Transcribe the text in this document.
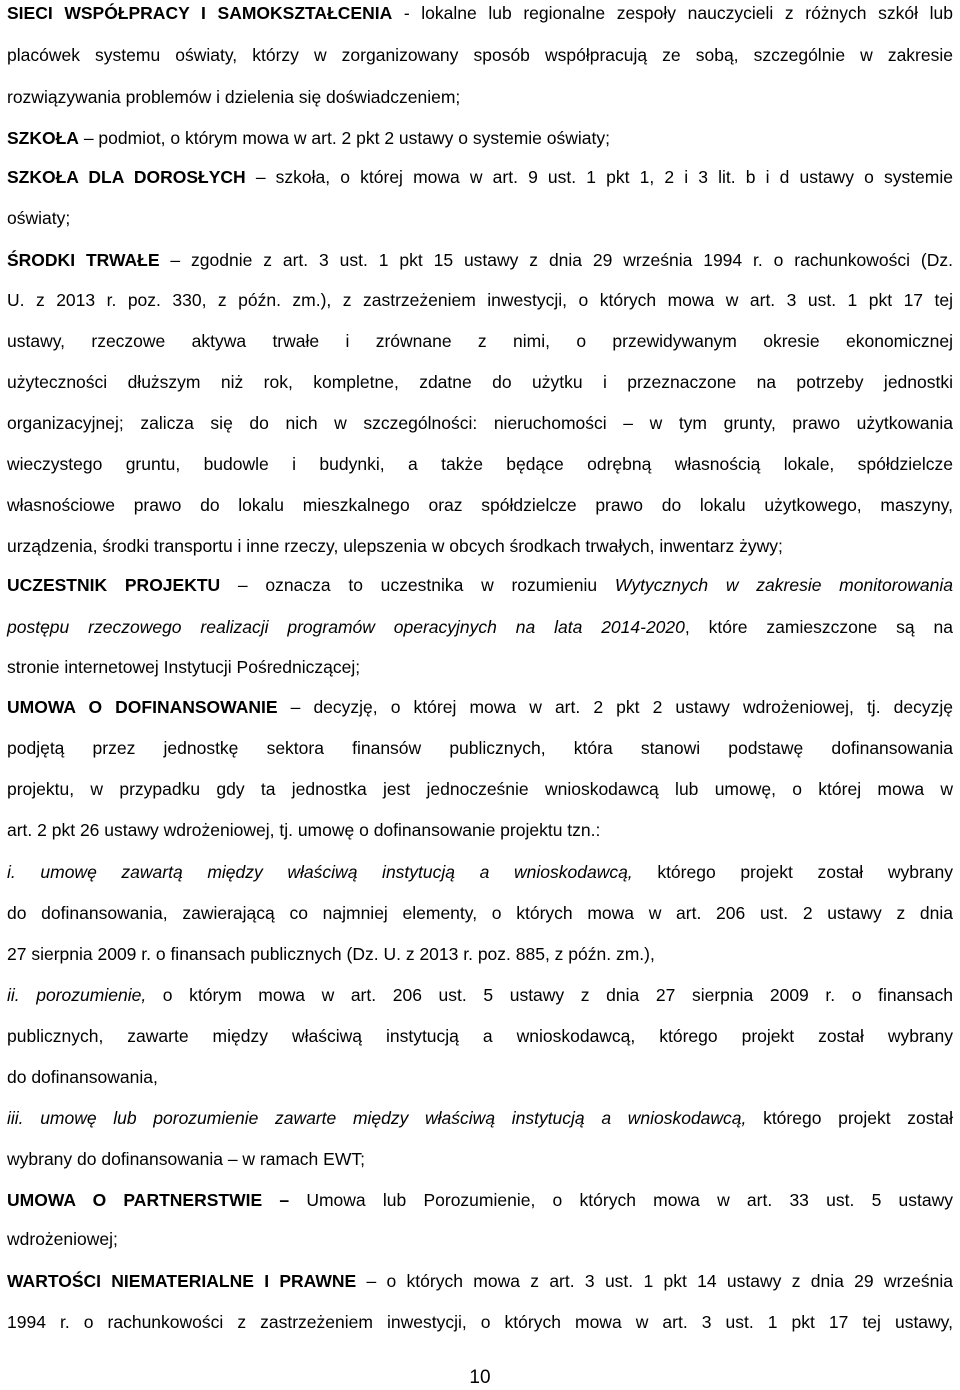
SIECI WSPÓŁPRACY I SAMOKSZTAŁCENIA - lokalne lub regionalne zespoły nauczycieli z różnych szkół lub
placówek systemu oświaty, którzy w zorganizowany sposób współpracują ze sobą, szczególnie w zakresie
rozwiązywania problemów i dzielenia się doświadczeniem;
SZKOŁA – podmiot, o którym mowa w art. 2 pkt 2 ustawy o systemie oświaty;
SZKOŁA DLA DOROSŁYCH – szkoła, o której mowa w art. 9 ust. 1 pkt 1, 2 i 3 lit. b i d ustawy o systemie
oświaty;
ŚRODKI TRWAŁE – zgodnie z art. 3 ust. 1 pkt 15 ustawy z dnia 29 września 1994 r. o rachunkowości (Dz.
U. z 2013 r. poz. 330, z późn. zm.), z zastrzeżeniem inwestycji, o których mowa w art. 3 ust. 1 pkt 17 tej
ustawy, rzeczowe aktywa trwałe i zrównane z nimi, o przewidywanym okresie ekonomicznej
użyteczności dłuższym niż rok, kompletne, zdatne do użytku i przeznaczone na potrzeby jednostki
organizacyjnej; zalicza się do nich w szczególności: nieruchomości – w tym grunty, prawo użytkowania
wieczystego gruntu, budowle i budynki, a także będące odrębną własnością lokale, spółdzielcze
własnościowe prawo do lokalu mieszkalnego oraz spółdzielcze prawo do lokalu użytkowego, maszyny,
urządzenia, środki transportu i inne rzeczy, ulepszenia w obcych środkach trwałych, inwentarz żywy;
UCZESTNIK PROJEKTU – oznacza to uczestnika w rozumieniu Wytycznych w zakresie monitorowania
postępu rzeczowego realizacji programów operacyjnych na lata 2014-2020, które zamieszczone są na
stronie internetowej Instytucji Pośredniczącej;
UMOWA O DOFINANSOWANIE – decyzję, o której mowa w art. 2 pkt 2 ustawy wdrożeniowej, tj. decyzję
podjętą przez jednostkę sektora finansów publicznych, która stanowi podstawę dofinansowania
projektu, w przypadku gdy ta jednostka jest jednocześnie wnioskodawcą lub umowę, o której mowa w
art. 2 pkt 26 ustawy wdrożeniowej, tj. umowę o dofinansowanie projektu tzn.:
i. umowę zawartą między właściwą instytucją a wnioskodawcą, którego projekt został wybrany
do dofinansowania, zawierającą co najmniej elementy, o których mowa w art. 206 ust. 2 ustawy z dnia
27 sierpnia 2009 r. o finansach publicznych (Dz. U. z 2013 r. poz. 885, z późn. zm.),
ii. porozumienie, o którym mowa w art. 206 ust. 5 ustawy z dnia 27 sierpnia 2009 r. o finansach
publicznych, zawarte między właściwą instytucją a wnioskodawcą, którego projekt został wybrany
do dofinansowania,
iii. umowę lub porozumienie zawarte między właściwą instytucją a wnioskodawcą, którego projekt został
wybrany do dofinansowania – w ramach EWT;
UMOWA O PARTNERSTWIE – Umowa lub Porozumienie, o których mowa w art. 33 ust. 5 ustawy
wdrożeniowej;
WARTOŚCI NIEMATERIALNE I PRAWNE – o których mowa z art. 3 ust. 1 pkt 14 ustawy z dnia 29 września
1994 r. o rachunkowości z zastrzeżeniem inwestycji, o których mowa w art. 3 ust. 1 pkt 17 tej ustawy,
10
